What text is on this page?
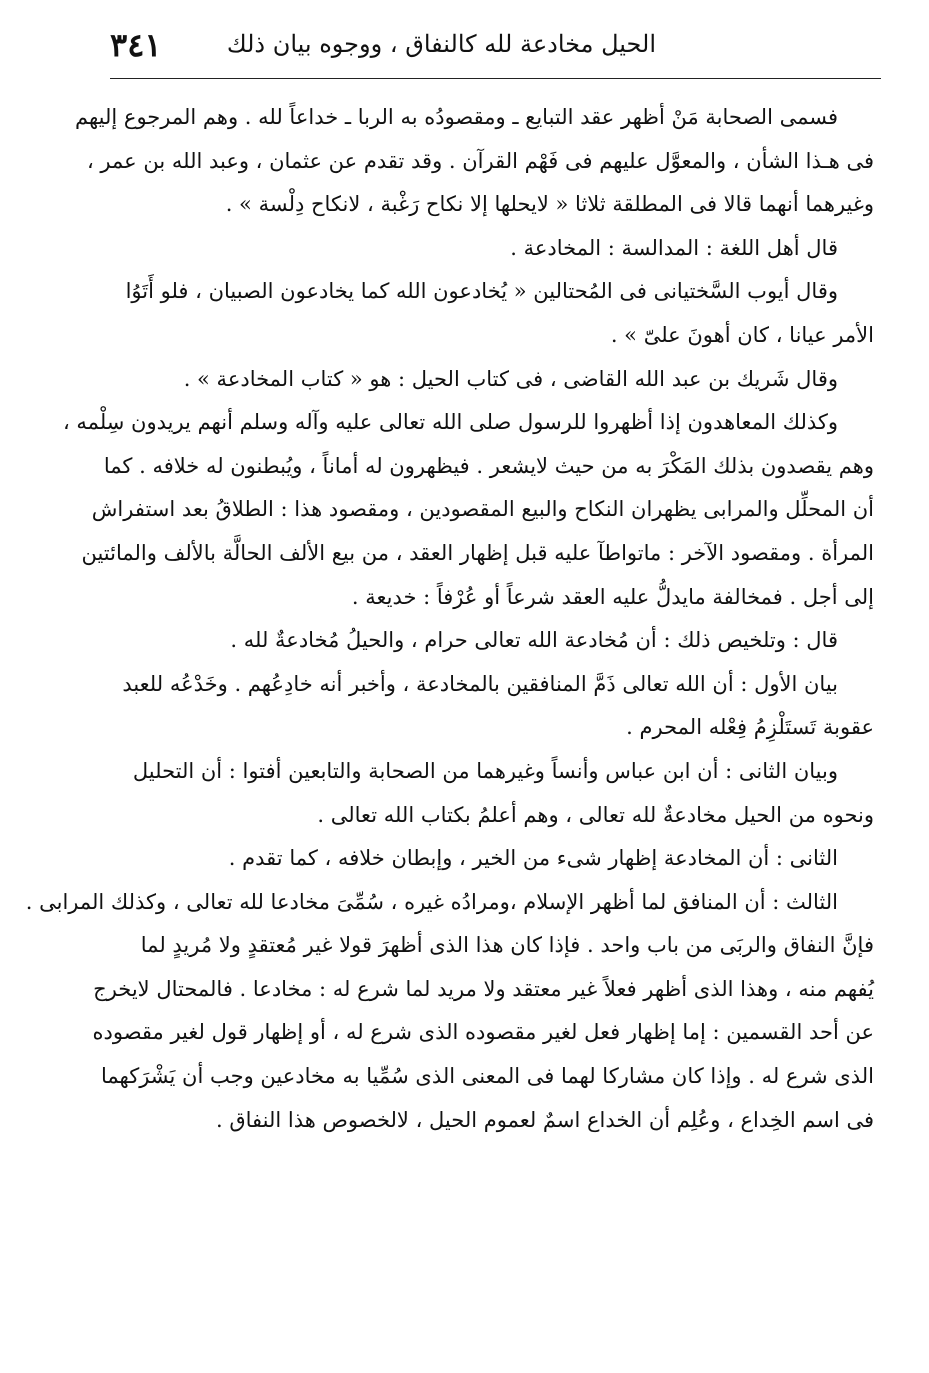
الحيل مخادعة لله كالنفاق ، ووجوه بيان ذلك
٣٤١
فسمى الصحابة مَنْ أظهر عقد التبايع ـ ومقصودُه به الربا ـ خداعاً لله . وهم المرجوع إليهم
فى هـذا الشأن ، والمعوَّل عليهم فى فَهْم القرآن . وقد تقدم عن عثمان ، وعبد الله بن عمر ،
وغيرهما أنهما قالا فى المطلقة ثلاثا « لايحلها إلا نكاح رَغْبة ، لانكاح دِلْسة » .
قال أهل اللغة : المدالسة : المخادعة .
وقال أيوب السَّختيانى فى المُحتالين « يُخادعون الله كما يخادعون الصبيان ، فلو أَتَوُا
الأمر عيانا ، كان أهونَ علىّ » .
وقال شَريك بن عبد الله القاضى ، فى كتاب الحيل : هو « كتاب المخادعة » .
وكذلك المعاهدون إذا أظهروا للرسول صلى الله تعالى عليه وآله وسلم أنهم يريدون سِلْمه ،
وهم يقصدون بذلك المَكْرَ به من حيث لايشعر . فيظهرون له أماناً ، ويُبطنون له خلافه . كما
أن المحلِّل والمرابى يظهران النكاح والبيع المقصودين ، ومقصود هذا : الطلاقُ بعد استفراش
المرأة . ومقصود الآخر : ماتواطآ عليه قبل إظهار العقد ، من بيع الألف الحالَّة بالألف والمائتين
إلى أجل . فمخالفة مايدلُّ عليه العقد شرعاً أو عُرْفاً : خديعة .
قال : وتلخيص ذلك : أن مُخادعة الله تعالى حرام ، والحيلُ مُخادعةٌ لله .
بيان الأول : أن الله تعالى ذَمَّ المنافقين بالمخادعة ، وأخبر أنه خادِعُهم . وخَدْعُه للعبد
عقوبة تَستَلْزِمُ فِعْله المحرم .
وبيان الثانى : أن ابن عباس وأنساً وغيرهما من الصحابة والتابعين أفتوا : أن التحليل
ونحوه من الحيل مخادعةٌ لله تعالى ، وهم أعلمُ بكتاب الله تعالى .
الثانى : أن المخادعة إظهار شىء من الخير ، وإبطان خلافه ، كما تقدم .
الثالث : أن المنافق لما أظهر الإسلام ،ومرادُه غيره ، سُمِّىَ مخادعا لله تعالى ، وكذلك المرابى .
فإنَّ النفاق والربَى من باب واحد . فإذا كان هذا الذى أظهرَ قولا غير مُعتقدٍ ولا مُريدٍ لما
يُفهم منه ، وهذا الذى أظهر فعلاً غير معتقد ولا مريد لما شرع له : مخادعا . فالمحتال لايخرج
عن أحد القسمين : إما إظهار فعل لغير مقصوده الذى شرع له ، أو إظهار قول لغير مقصوده
الذى شرع له . وإذا كان مشاركا لهما فى المعنى الذى سُمِّيا به مخادعين وجب أن يَشْرَكهما
فى اسم الخِداع ، وعُلِم أن الخداع اسمٌ لعموم الحيل ، لالخصوص هذا النفاق .
